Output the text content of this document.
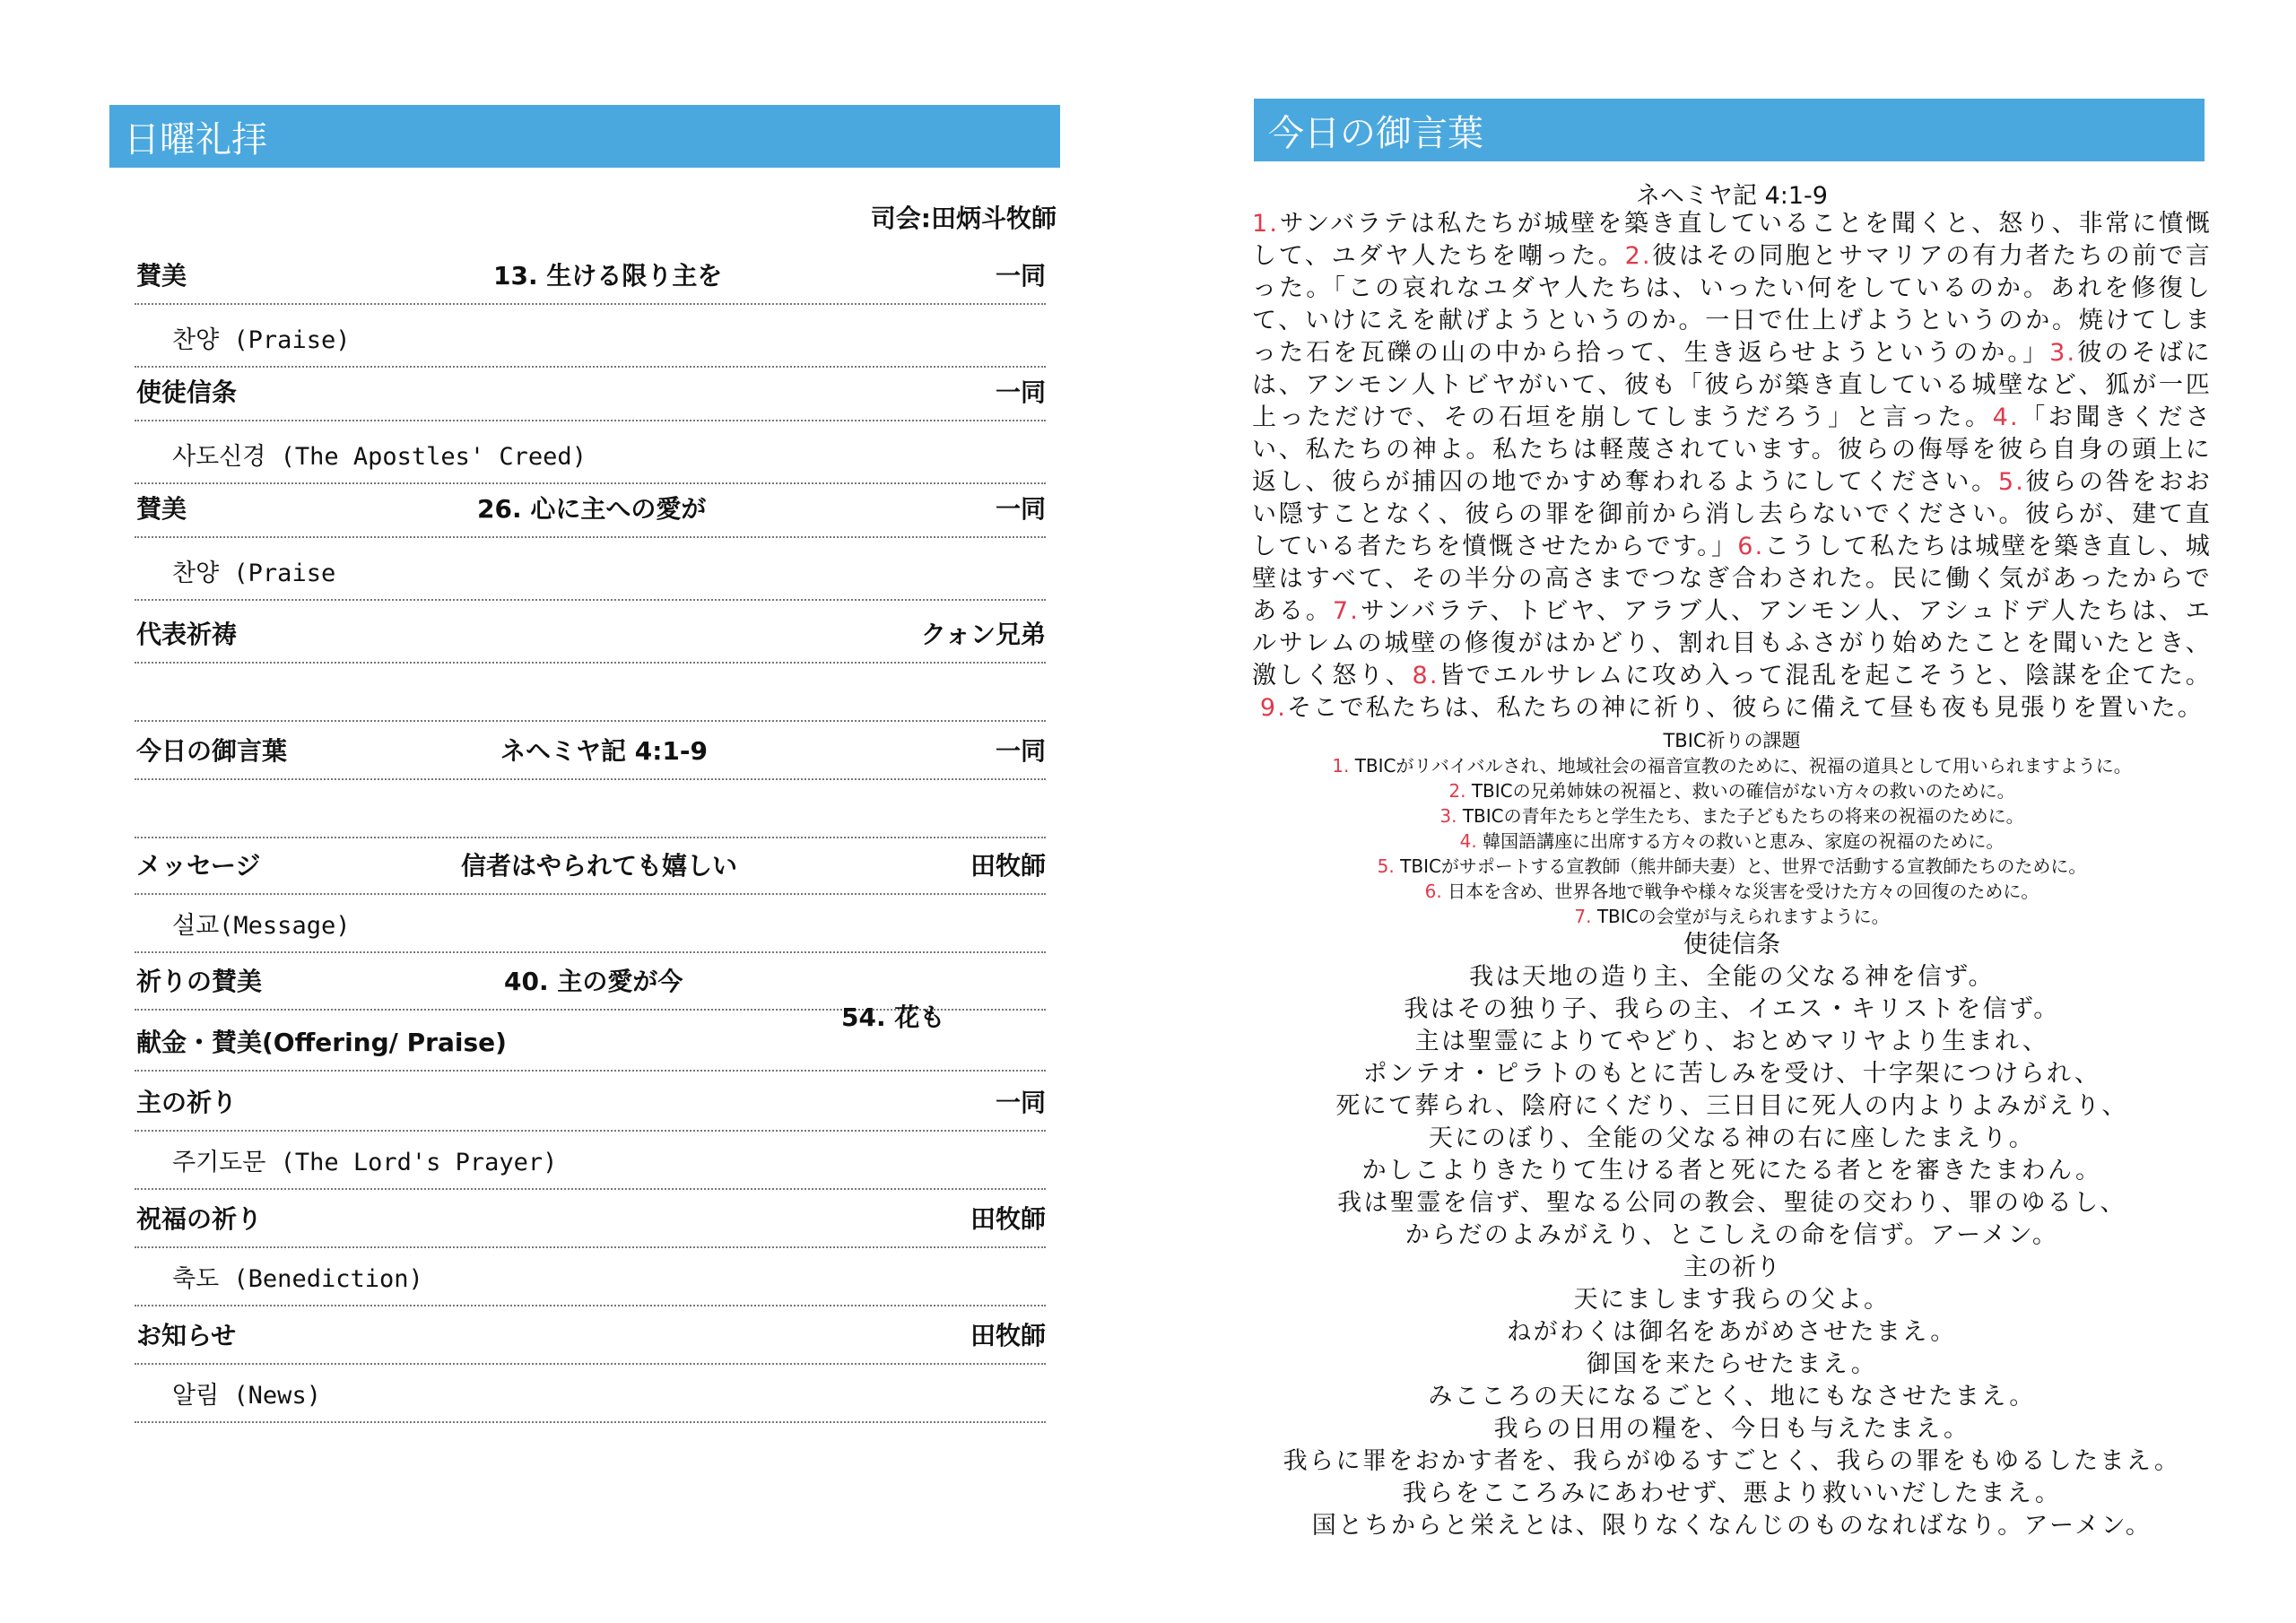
日曜礼拝
司会:田炳斗牧師
賛美	13. 生ける限り主を	一同
찬양 (Praise)
使徒信条	一同
사도신경 (The Apostles' Creed)
賛美	26. 心に主への愛が	一同
찬양 (Praise
代表祈祷	クォン兄弟
今日の御言葉	ネヘミヤ記 4:1-9	一同
メッセージ	信者はやられても嬉しい	田牧師
설교(Message)
祈りの賛美	40. 主の愛が今
献金・賛美(Offering/ Praise)
54. 花も
主の祈り	一同
주기도문 (The Lord's Prayer)
祝福の祈り	田牧師
축도 (Benediction)
お知らせ	田牧師
알림 (News)
今日の御言葉
ネヘミヤ記 4:1-9

1.サンバラテは私たちが城壁を築き直していることを聞くと、怒り、非常に憤慨して、ユダヤ人たちを嘲った。2.彼はその同胞とサマリアの有力者たちの前で言った。「この哀れなユダヤ人たちは、いったい何をしているのか。あれを修復して、いけにえを献げようというのか。一日で仕上げようというのか。焼けてしまった石を瓦礫の山の中から拾って、生き返らせようというのか。」3.彼のそばには、アンモン人トビヤがいて、彼も「彼らが築き直している城壁など、狐が一匹上っただけで、その石垣を崩してしまうだろう」と言った。4.「お聞きください、私たちの神よ。私たちは軽蔑されています。彼らの侮辱を彼ら自身の頭上に返し、彼らが捕囚の地でかすめ奪われるようにしてください。5.彼らの咎をおおい隠すことなく、彼らの罪を御前から消し去らないでください。彼らが、建て直している者たちを憤慨させたからです。」6.こうして私たちは城壁を築き直し、城壁はすべて、その半分の高さまでつなぎ合わされた。民に働く気があったからである。7.サンバラテ、トビヤ、アラブ人、アンモン人、アシュドデ人たちは、エルサレムの城壁の修復がはかどり、割れ目もふさがり始めたことを聞いたとき、激しく怒り、8.皆でエルサレムに攻め入って混乱を起こそうと、陰謀を企てた。9.そこで私たちは、私たちの神に祈り、彼らに備えて昼も夜も見張りを置いた。

TBIC祈りの課題
1. TBICがリバイバルされ、地域社会の福音宣教のために、祝福の道具として用いられますように。
2. TBICの兄弟姉妹の祝福と、救いの確信がない方々の救いのために。
3. TBICの青年たちと学生たち、また子どもたちの将来の祝福のために。
4. 韓国語講座に出席する方々の救いと恵み、家庭の祝福のために。
5. TBICがサポートする宣教師（熊井師夫妻）と、世界で活動する宣教師たちのために。
6. 日本を含め、世界各地で戦争や様々な災害を受けた方々の回復のために。
7. TBICの会堂が与えられますように。
使徒信条
我は天地の造り主、全能の父なる神を信ず。
我はその独り子、我らの主、イエス・キリストを信ず。
主は聖霊によりてやどり、おとめマリヤより生まれ、
ポンテオ・ピラトのもとに苦しみを受け、十字架につけられ、
死にて葬られ、陰府にくだり、三日目に死人の内よりよみがえり、
天にのぼり、全能の父なる神の右に座したまえり。
かしこよりきたりて生ける者と死にたる者とを審きたまわん。
我は聖霊を信ず、聖なる公同の教会、聖徒の交わり、罪のゆるし、
からだのよみがえり、とこしえの命を信ず。アーメン。
主の祈り
天にまします我らの父よ。
ねがわくは御名をあがめさせたまえ。
御国を来たらせたまえ。
みこころの天になるごとく、地にもなさせたまえ。
我らの日用の糧を、今日も与えたまえ。
我らに罪をおかす者を、我らがゆるすごとく、我らの罪をもゆるしたまえ。
我らをこころみにあわせず、悪より救いいだしたまえ。
国とちからと栄えとは、限りなくなんじのものなればなり。アーメン。
